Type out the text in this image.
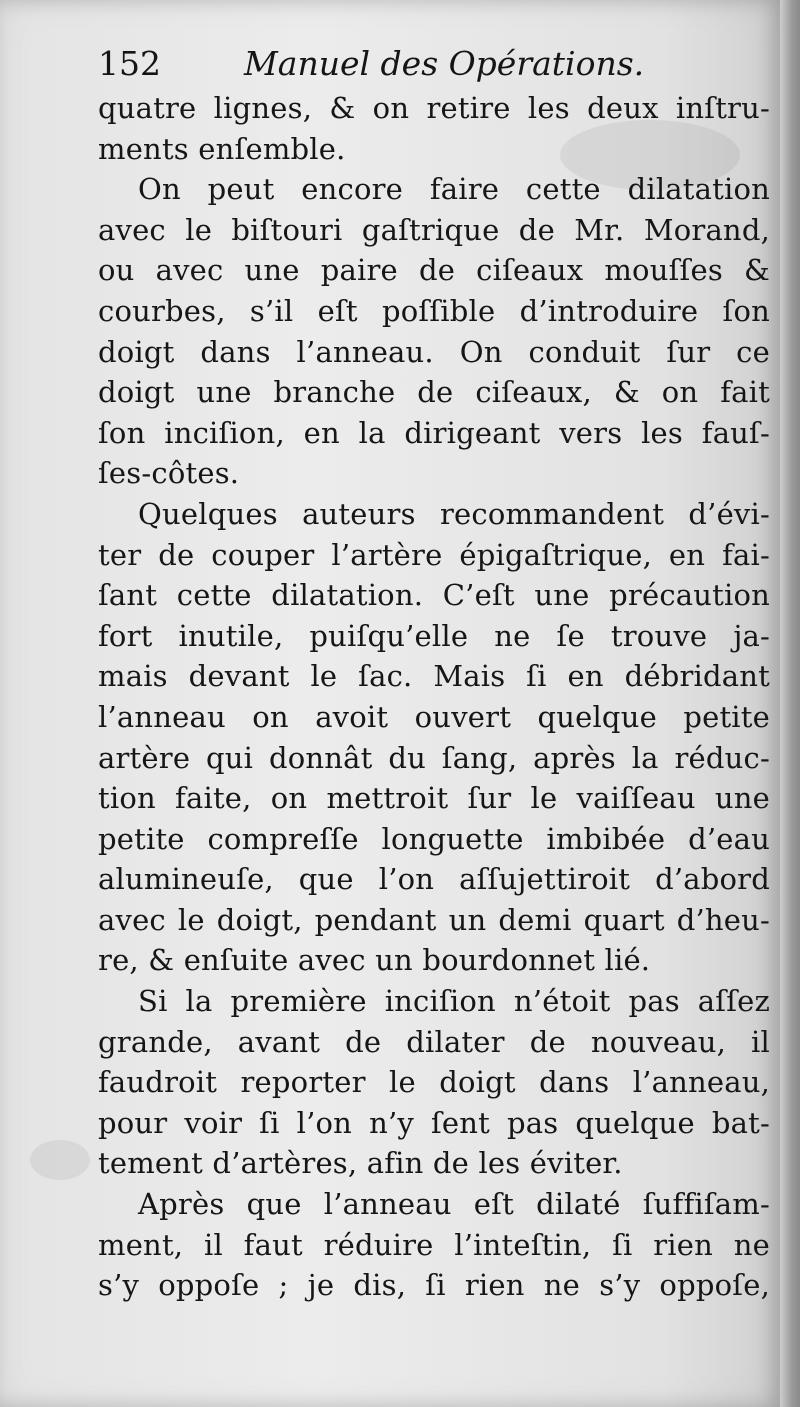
152	Manuel des Opérations.
quatre lignes, & on retire les deux inſtru-
ments enſemble.
On peut encore faire cette dilatation
avec le biſtouri gaſtrique de Mr. Morand,
ou avec une paire de ciſeaux mouſſes &
courbes, s’il eſt poſſible d’introduire ſon
doigt dans l’anneau. On conduit ſur ce
doigt une branche de ciſeaux, & on fait
ſon inciſion, en la dirigeant vers les fauſ-
ſes-côtes.
Quelques auteurs recommandent d’évi-
ter de couper l’artère épigaſtrique, en fai-
ſant cette dilatation. C’eſt une précaution
fort inutile, puiſqu’elle ne ſe trouve ja-
mais devant le ſac. Mais ſi en débridant
l’anneau on avoit ouvert quelque petite
artère qui donnât du ſang, après la réduc-
tion faite, on mettroit ſur le vaiſſeau une
petite compreſſe longuette imbibée d’eau
alumineuſe, que l’on aſſujettiroit d’abord
avec le doigt, pendant un demi quart d’heu-
re, & enſuite avec un bourdonnet lié.
Si la première inciſion n’étoit pas aſſez
grande, avant de dilater de nouveau, il
faudroit reporter le doigt dans l’anneau,
pour voir ſi l’on n’y ſent pas quelque bat-
tement d’artères, afin de les éviter.
Après que l’anneau eſt dilaté ſuffiſam-
ment, il faut réduire l’inteſtin, ſi rien ne
s’y oppoſe ; je dis, ſi rien ne s’y oppoſe,
